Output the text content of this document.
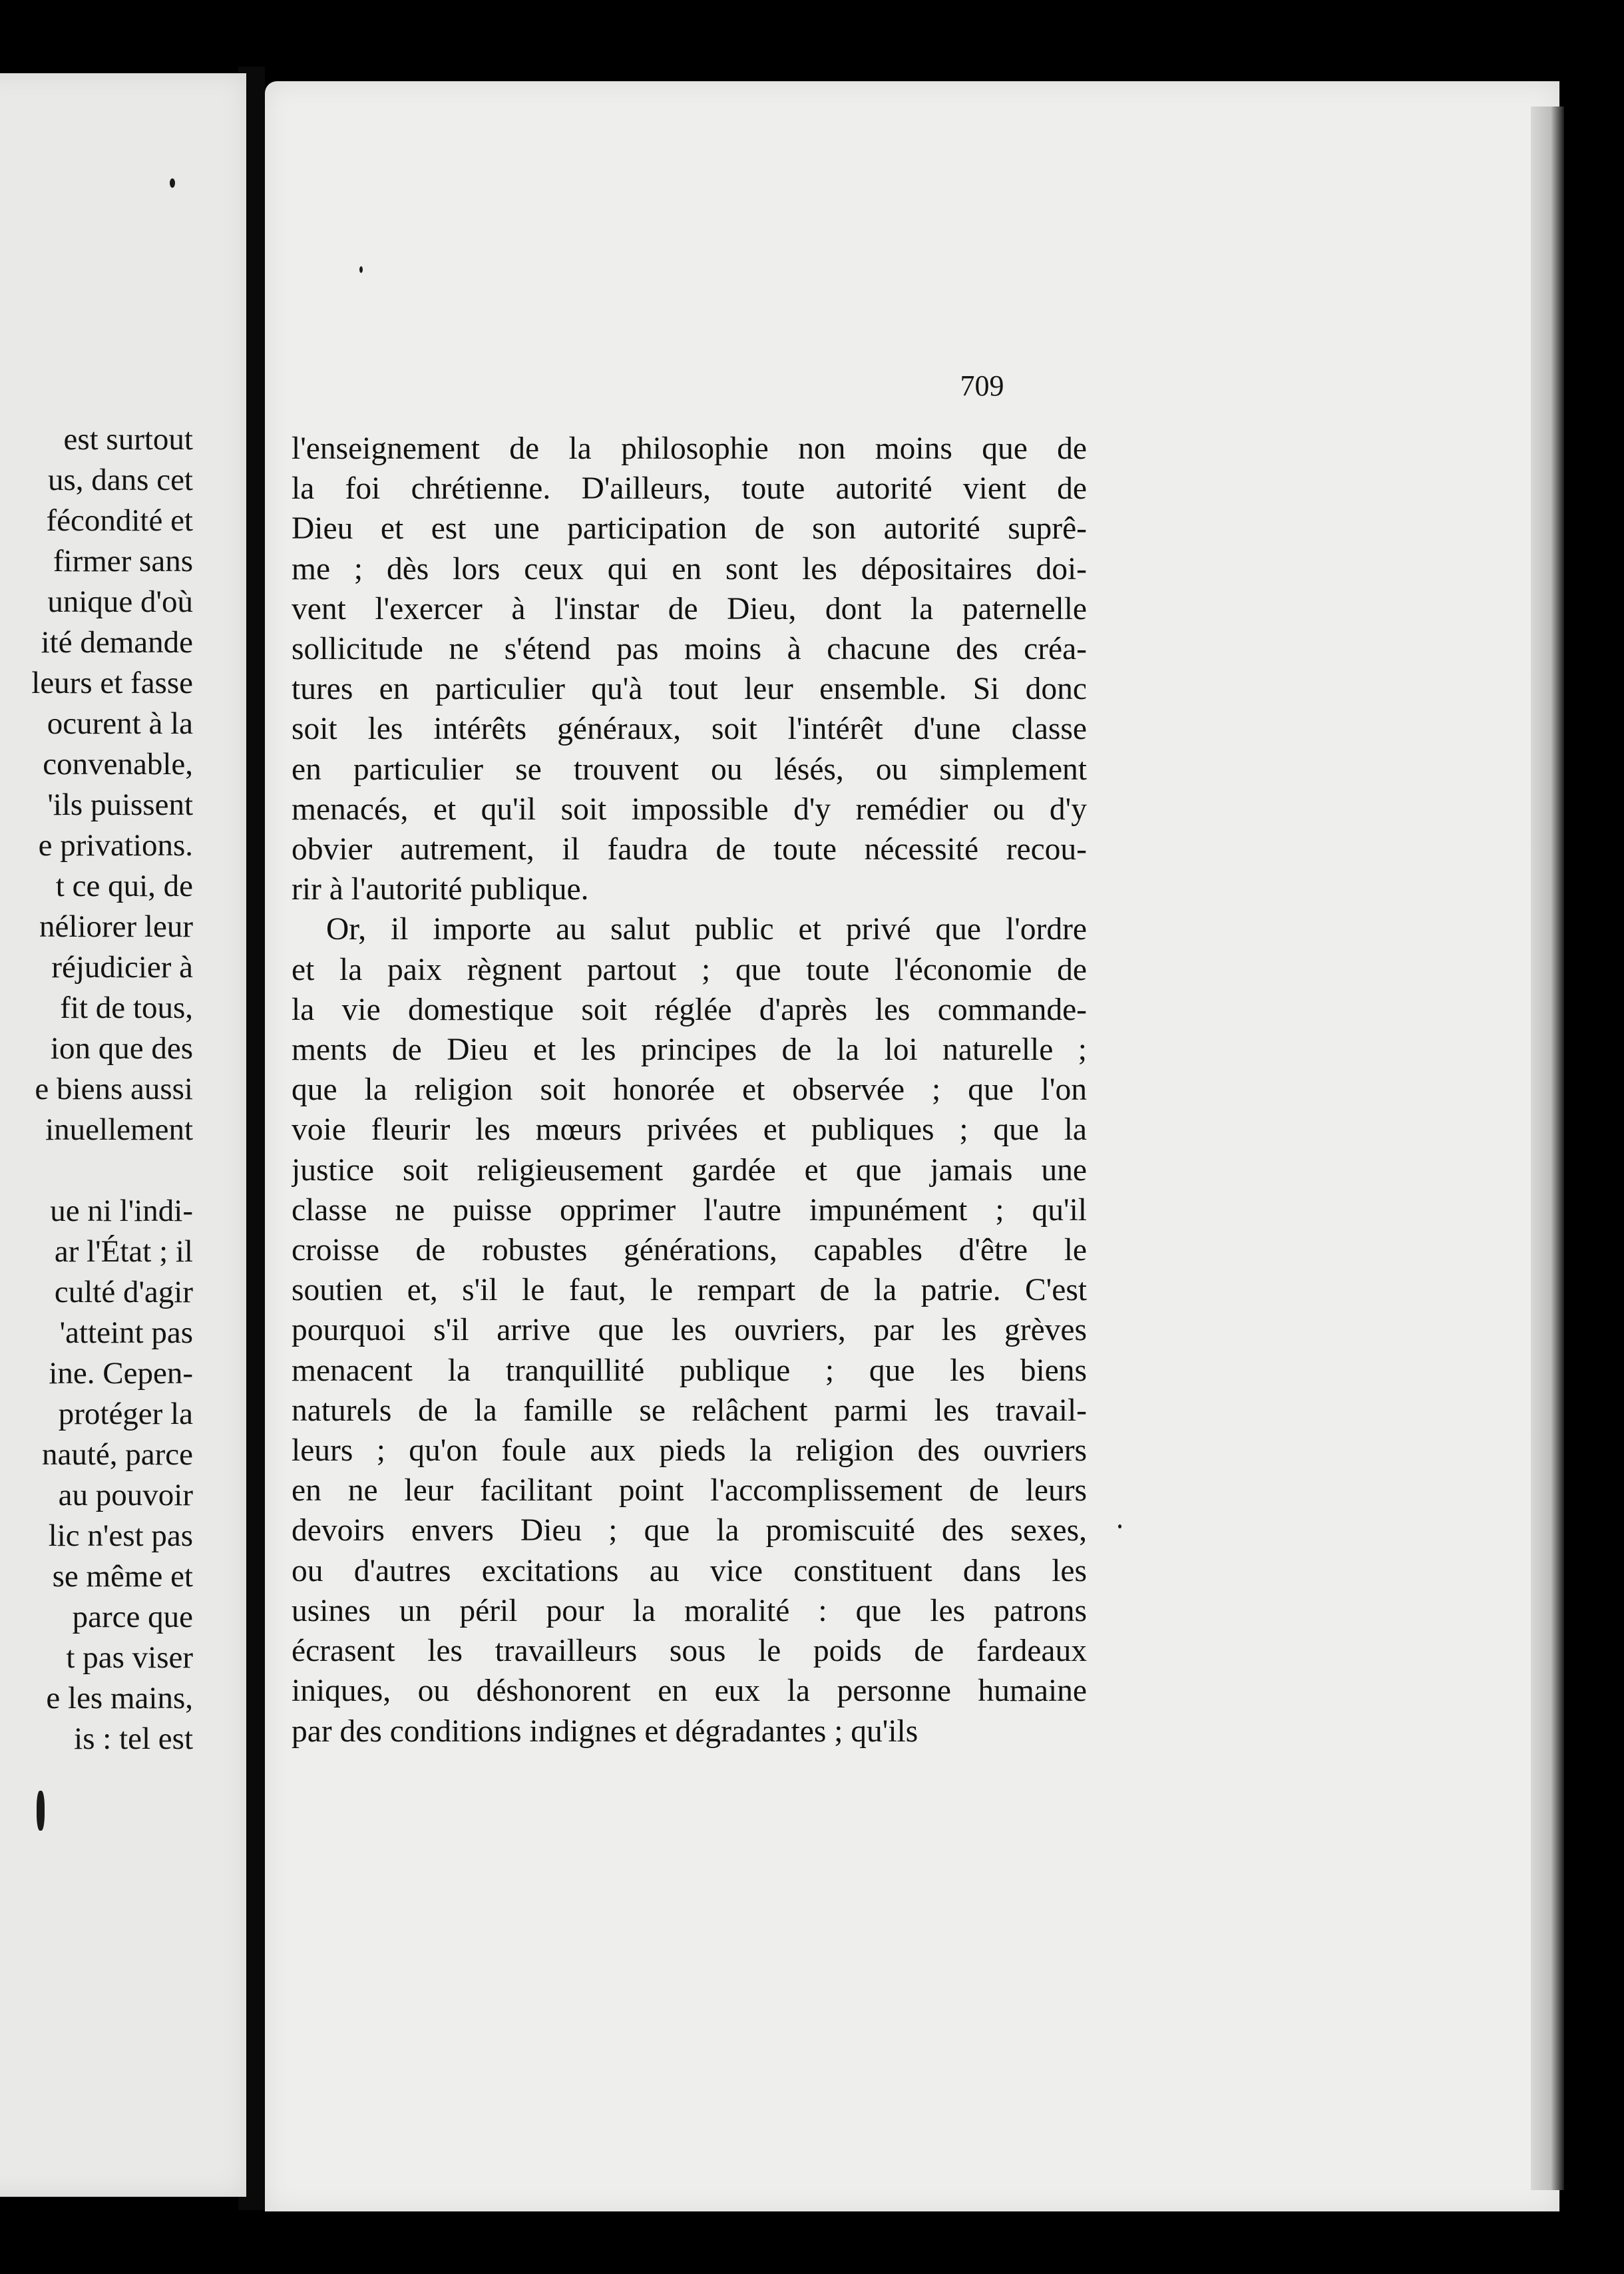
est surtout
us, dans cet
fécondité et
firmer sans
unique d'où
ité demande
leurs et fasse
ocurent à la
convenable,
'ils puissent
e privations.
t ce qui, de
néliorer leur
réjudicier à
fit de tous,
ion que des
e biens aussi
inuellement
ue ni l'indi-
ar l'État ; il
culté d'agir
'atteint pas
ine. Cepen-
protéger la
nauté, parce
au pouvoir
lic n'est pas
se même et
parce que
t pas viser
e les mains,
is : tel est
709
l'enseignement de la philosophie non moins que de
la foi chrétienne. D'ailleurs, toute autorité vient de
Dieu et est une participation de son autorité suprê-
me ; dès lors ceux qui en sont les dépositaires doi-
vent l'exercer à l'instar de Dieu, dont la paternelle
sollicitude ne s'étend pas moins à chacune des créa-
tures en particulier qu'à tout leur ensemble. Si donc
soit les intérêts généraux, soit l'intérêt d'une classe
en particulier se trouvent ou lésés, ou simplement
menacés, et qu'il soit impossible d'y remédier ou d'y
obvier autrement, il faudra de toute nécessité recou-
rir à l'autorité publique.
Or, il importe au salut public et privé que l'ordre
et la paix règnent partout ; que toute l'économie de
la vie domestique soit réglée d'après les commande-
ments de Dieu et les principes de la loi naturelle ;
que la religion soit honorée et observée ; que l'on
voie fleurir les mœurs privées et publiques ; que la
justice soit religieusement gardée et que jamais une
classe ne puisse opprimer l'autre impunément ; qu'il
croisse de robustes générations, capables d'être le
soutien et, s'il le faut, le rempart de la patrie. C'est
pourquoi s'il arrive que les ouvriers, par les grèves
menacent la tranquillité publique ; que les biens
naturels de la famille se relâchent parmi les travail-
leurs ; qu'on foule aux pieds la religion des ouvriers
en ne leur facilitant point l'accomplissement de leurs
devoirs envers Dieu ; que la promiscuité des sexes,
ou d'autres excitations au vice constituent dans les
usines un péril pour la moralité : que les patrons
écrasent les travailleurs sous le poids de fardeaux
iniques, ou déshonorent en eux la personne humaine
par des conditions indignes et dégradantes ; qu'ils
